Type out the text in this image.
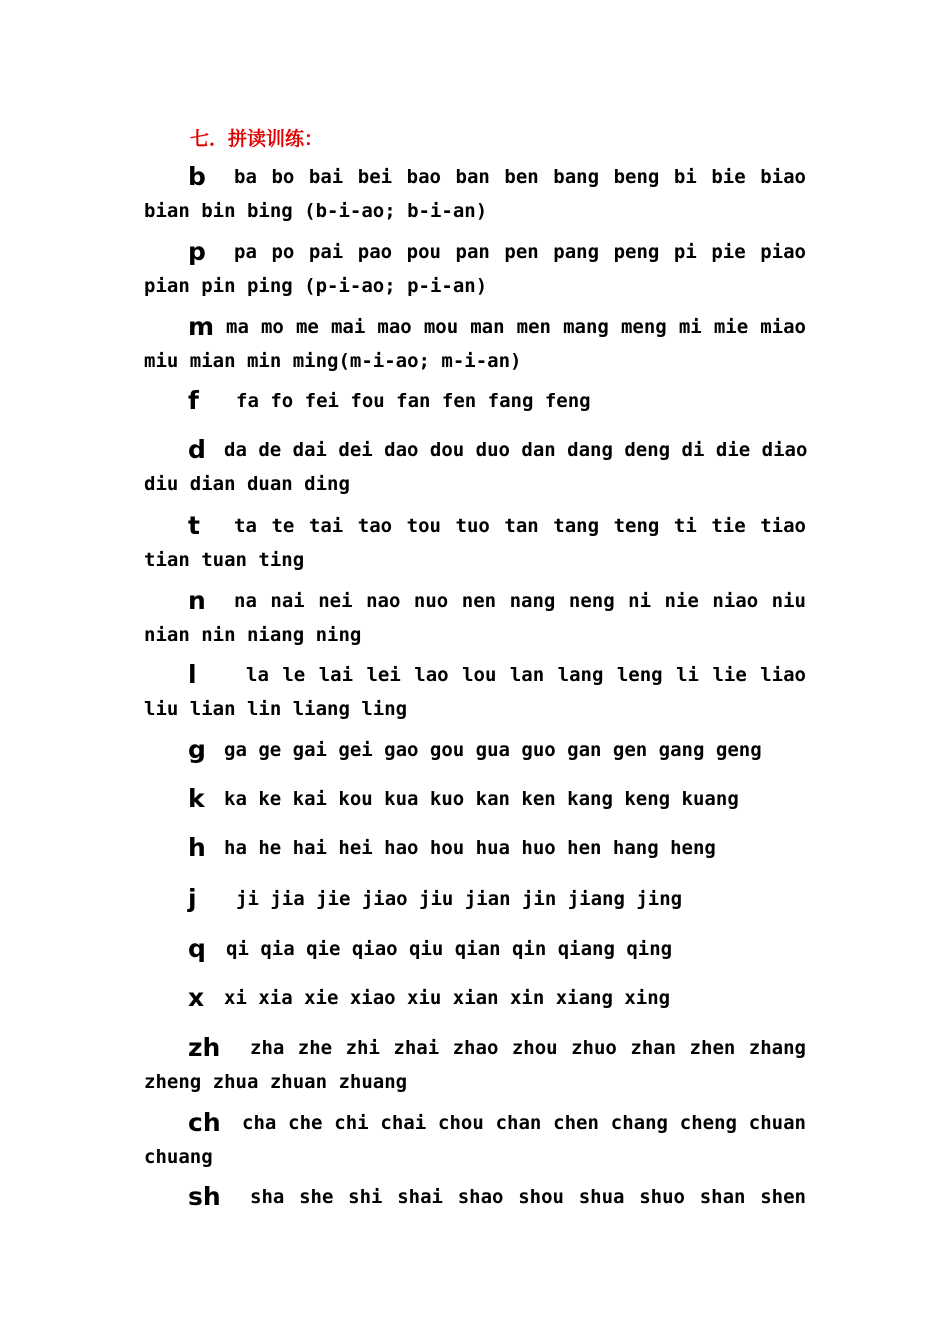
七．拼读训练：
b ba bo bai bei bao ban ben bang beng bi bie biao
bian bin bing (b-i-ao; b-i-an)
p pa po pai pao pou pan pen pang peng pi pie piao
pian pin ping (p-i-ao; p-i-an)
m ma mo me mai mao mou man men mang meng mi mie miao
miu mian min ming(m-i-ao; m-i-an)
f fa fo fei fou fan fen fang feng
d da de dai dei dao dou duo dan dang deng di die diao
diu dian duan ding
t ta te tai tao tou tuo tan tang teng ti tie tiao
tian tuan ting
n na nai nei nao nuo nen nang neng ni nie niao niu
nian nin niang ning
l	la le lai lei lao lou lan lang leng li lie liao
liu lian lin liang ling
g ga ge gai gei gao gou gua guo gan gen gang geng
k ka ke kai kou kua kuo kan ken kang keng kuang
h ha he hai hei hao hou hua huo hen hang heng
j ji jia jie jiao jiu jian jin jiang jing
q qi qia qie qiao qiu qian qin qiang qing
x xi xia xie xiao xiu xian xin xiang xing
zh zha zhe zhi zhai zhao zhou zhuo zhan zhen zhang
zheng zhua zhuan zhuang
ch cha che chi chai chou chan chen chang cheng chuan
chuang
sh sha she shi shai shao shou shua shuo shan shen
